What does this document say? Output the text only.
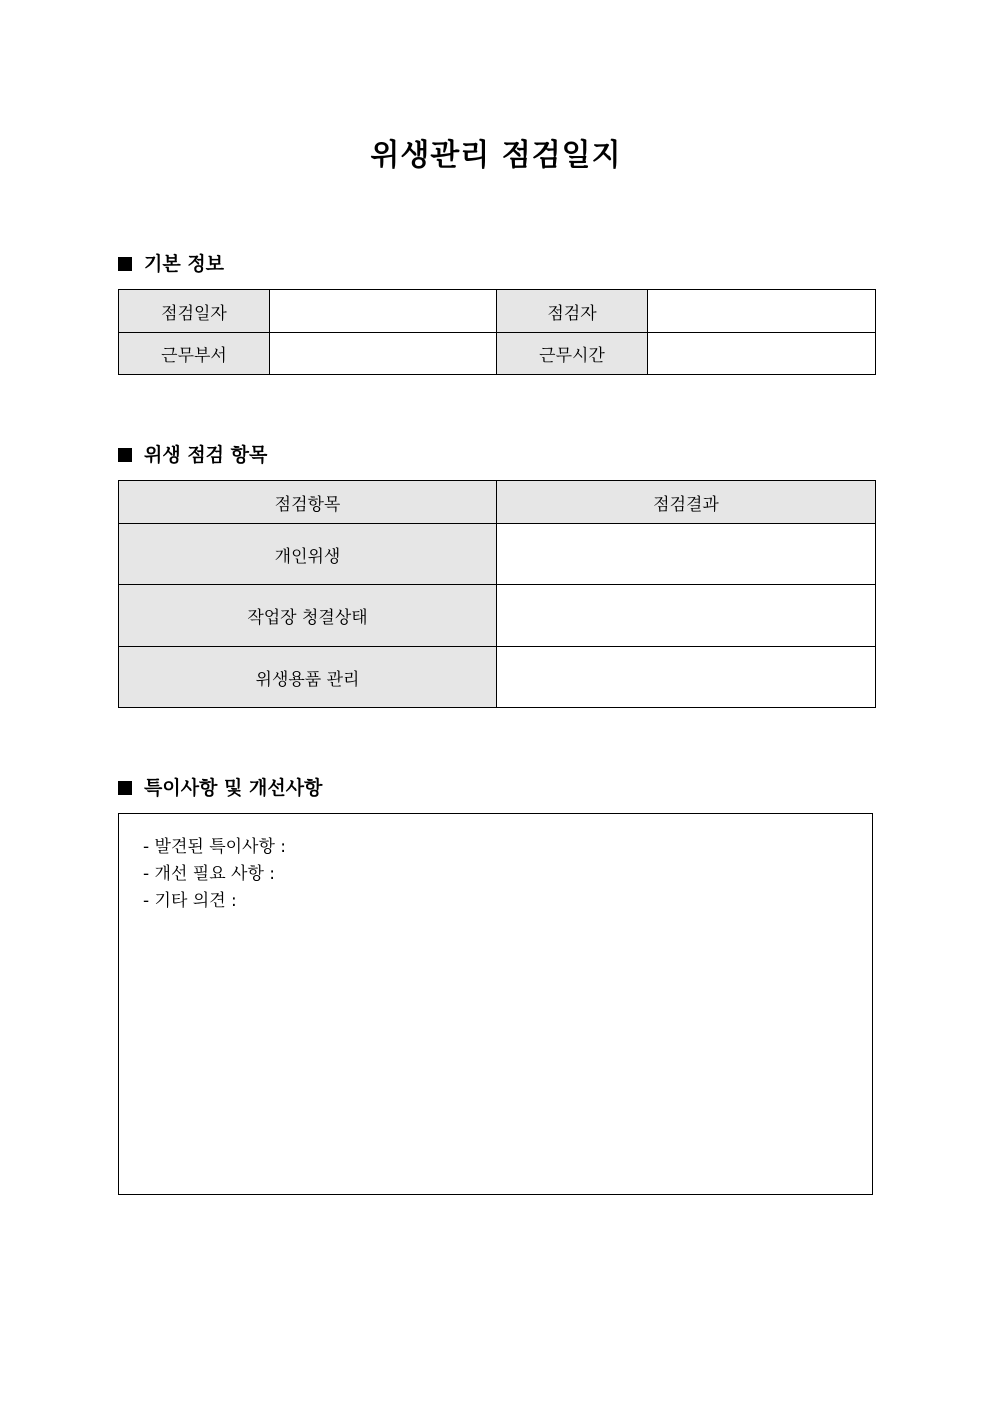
위생관리 점검일지
기본 정보
점검일자		점검자	
근무부서		근무시간	
위생 점검 항목
점검항목	점검결과
개인위생	
작업장 청결상태	
위생용품 관리	
특이사항 및 개선사항
- 발견된 특이사항 :
- 개선 필요 사항 :
- 기타 의견 :
